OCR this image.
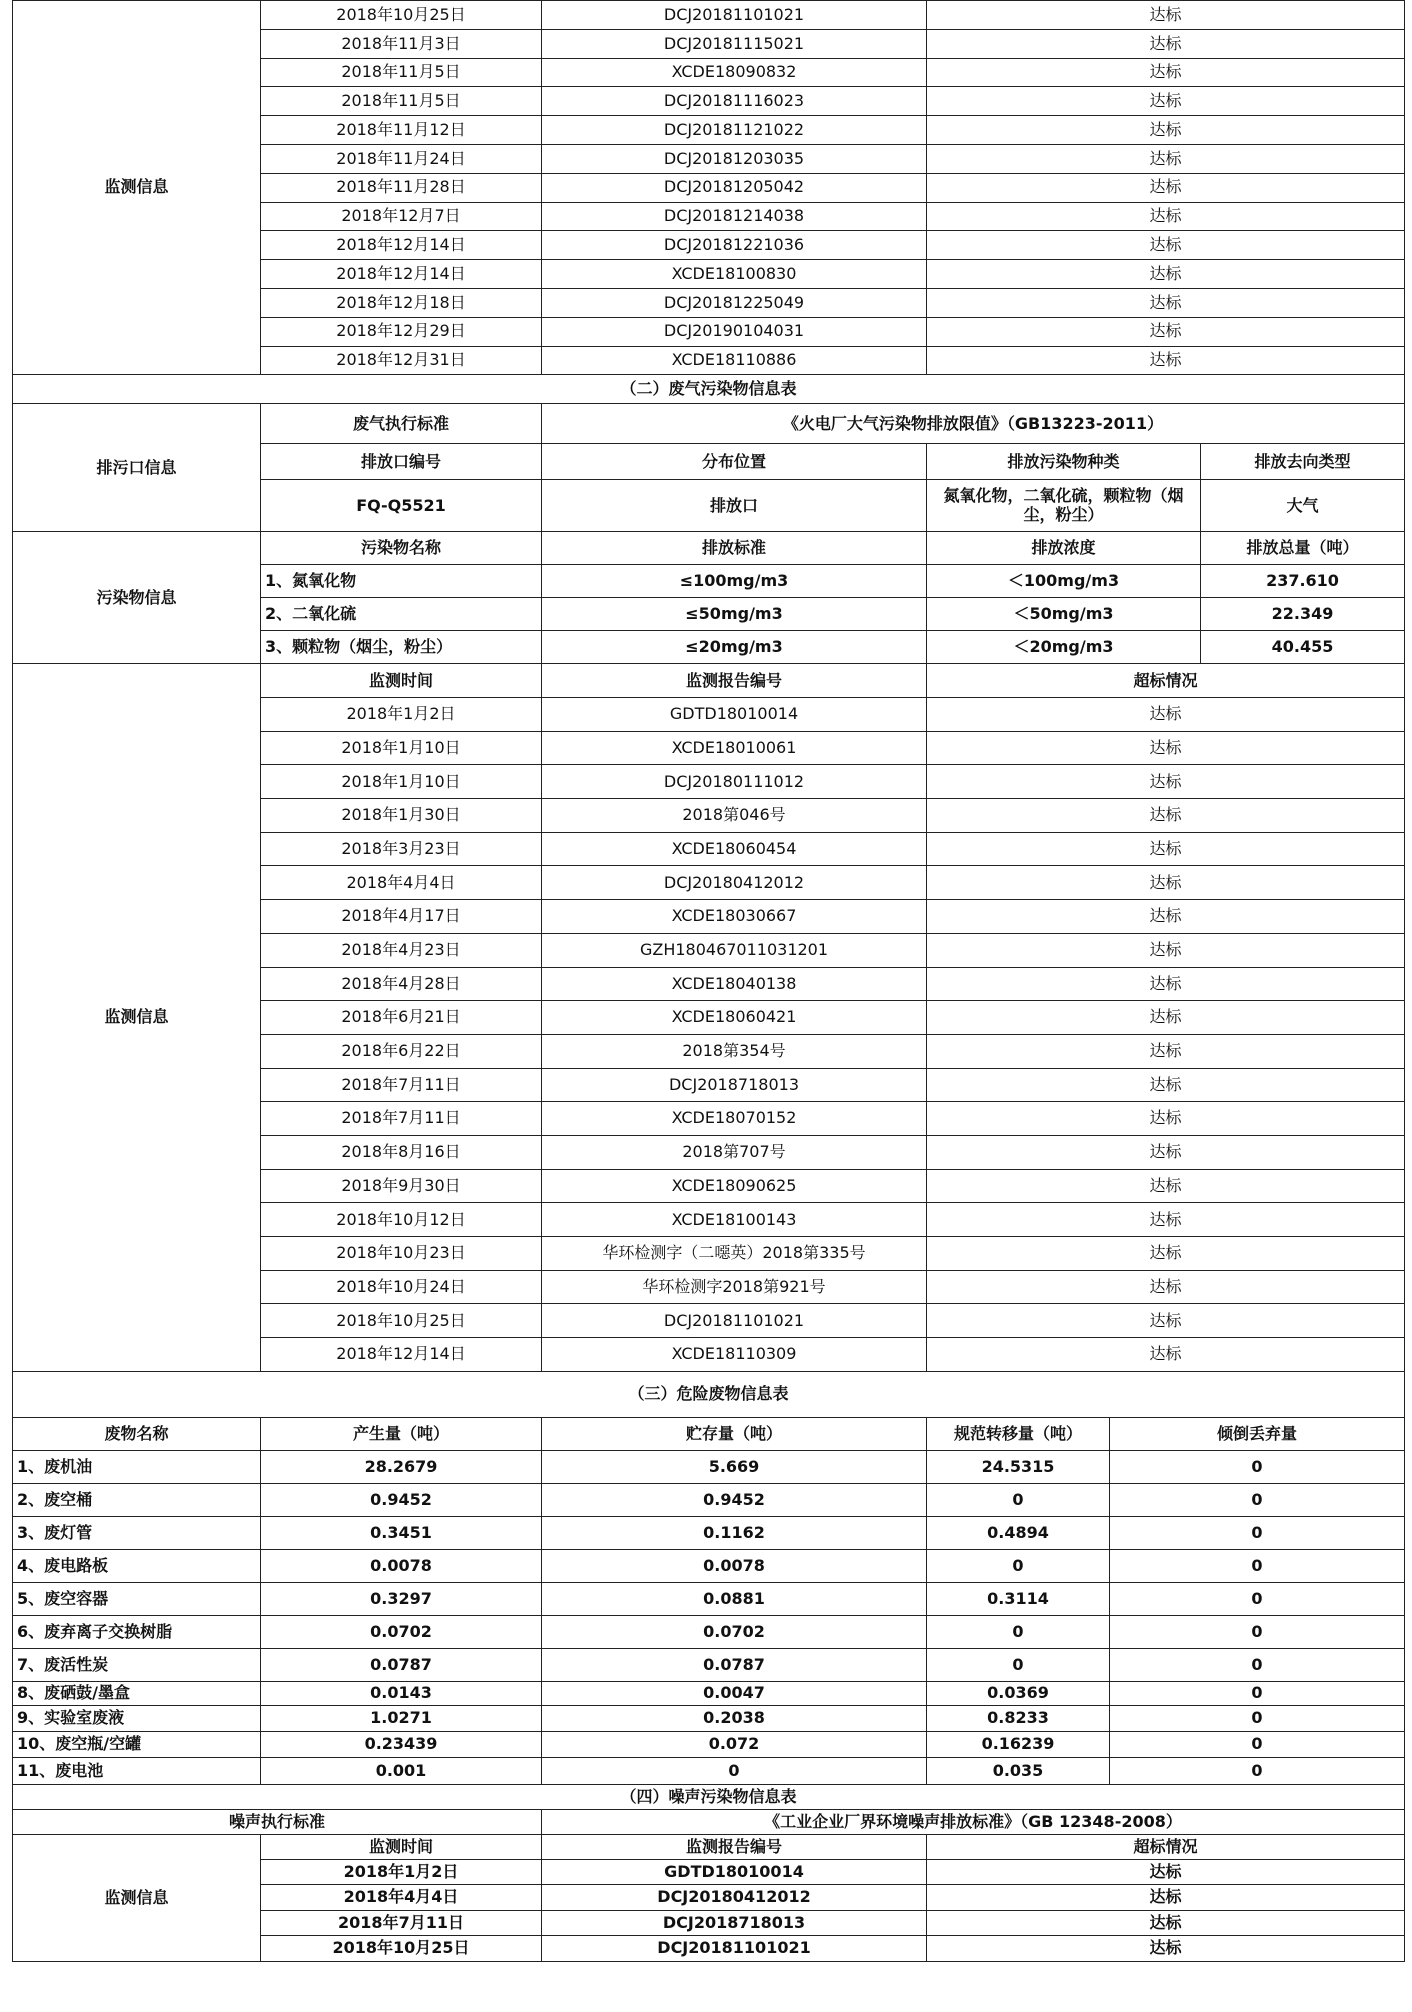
监测信息	2018年10月25日	DCJ20181101021	达标		
	2018年11月3日	DCJ20181115021	达标		
	2018年11月5日	XCDE18090832	达标		
	2018年11月5日	DCJ20181116023	达标		
	2018年11月12日	DCJ20181121022	达标		
	2018年11月24日	DCJ20181203035	达标		
	2018年11月28日	DCJ20181205042	达标		
	2018年12月7日	DCJ20181214038	达标		
	2018年12月14日	DCJ20181221036	达标		
	2018年12月14日	XCDE18100830	达标		
	2018年12月18日	DCJ20181225049	达标		
	2018年12月29日	DCJ20190104031	达标		
	2018年12月31日	XCDE18110886	达标		
（二）废气污染物信息表					
排污口信息	废气执行标准	《火电厂大气污染物排放限值》（GB13223-2011）			
	排放口编号	分布位置	排放污染物种类		排放去向类型
	FQ-Q5521	排放口	氮氧化物，二氧化硫，颗粒物（烟尘，粉尘）		大气
污染物信息	污染物名称	排放标准	排放浓度		排放总量（吨）
	1、氮氧化物	≤100mg/m3	＜100mg/m3		237.610
	2、二氧化硫	≤50mg/m3	＜50mg/m3		22.349
	3、颗粒物（烟尘，粉尘）	≤20mg/m3	＜20mg/m3		40.455
监测信息	监测时间	监测报告编号	超标情况		
	2018年1月2日	GDTD18010014	达标		
	2018年1月10日	XCDE18010061	达标		
	2018年1月10日	DCJ20180111012	达标		
	2018年1月30日	2018第046号	达标		
	2018年3月23日	XCDE18060454	达标		
	2018年4月4日	DCJ20180412012	达标		
	2018年4月17日	XCDE18030667	达标		
	2018年4月23日	GZH180467011031201	达标		
	2018年4月28日	XCDE18040138	达标		
	2018年6月21日	XCDE18060421	达标		
	2018年6月22日	2018第354号	达标		
	2018年7月11日	DCJ2018718013	达标		
	2018年7月11日	XCDE18070152	达标		
	2018年8月16日	2018第707号	达标		
	2018年9月30日	XCDE18090625	达标		
	2018年10月12日	XCDE18100143	达标		
	2018年10月23日	华环检测字（二噁英）2018第335号	达标		
	2018年10月24日	华环检测字2018第921号	达标		
	2018年10月25日	DCJ20181101021	达标		
	2018年12月14日	XCDE18110309	达标		
（三）危险废物信息表					
废物名称	产生量（吨）	贮存量（吨）	规范转移量（吨）	倾倒丢弃量	
1、废机油	28.2679	5.669	24.5315	0	
2、废空桶	0.9452	0.9452	0	0	
3、废灯管	0.3451	0.1162	0.4894	0	
4、废电路板	0.0078	0.0078	0	0	
5、废空容器	0.3297	0.0881	0.3114	0	
6、废弃离子交换树脂	0.0702	0.0702	0	0	
7、废活性炭	0.0787	0.0787	0	0	
8、废硒鼓/墨盒	0.0143	0.0047	0.0369	0	
9、实验室废液	1.0271	0.2038	0.8233	0	
10、废空瓶/空罐	0.23439	0.072	0.16239	0	
11、废电池	0.001	0	0.035	0	
（四）噪声污染物信息表					
噪声执行标准		《工业企业厂界环境噪声排放标准》（GB 12348-2008）			
监测信息	监测时间	监测报告编号	超标情况		
	2018年1月2日	GDTD18010014	达标		
	2018年4月4日	DCJ20180412012	达标		
	2018年7月11日	DCJ2018718013	达标		
	2018年10月25日	DCJ20181101021	达标		
